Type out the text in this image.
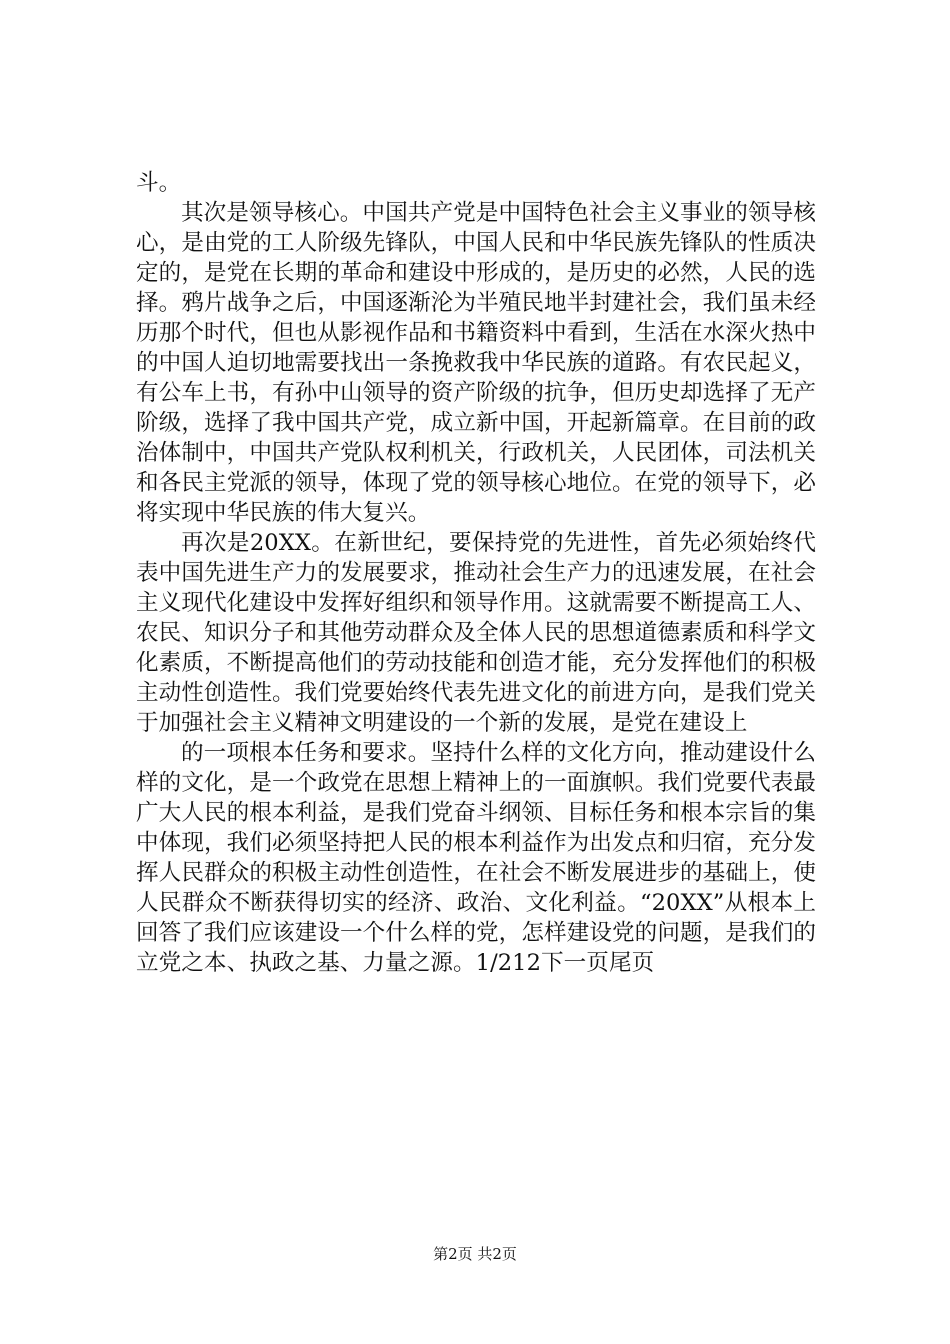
斗。

其次是领导核心。中国共产党是中国特色社会主义事业的领导核心，是由党的工人阶级先锋队，中国人民和中华民族先锋队的性质决定的，是党在长期的革命和建设中形成的，是历史的必然，人民的选择。鸦片战争之后，中国逐渐沦为半殖民地半封建社会，我们虽未经历那个时代，但也从影视作品和书籍资料中看到，生活在水深火热中的中国人迫切地需要找出一条挽救我中华民族的道路。有农民起义，有公车上书，有孙中山领导的资产阶级的抗争，但历史却选择了无产阶级，选择了我中国共产党，成立新中国，开起新篇章。在目前的政治体制中，中国共产党队权利机关，行政机关，人民团体，司法机关和各民主党派的领导，体现了党的领导核心地位。在党的领导下，必将实现中华民族的伟大复兴。

再次是20XX。在新世纪，要保持党的先进性，首先必须始终代表中国先进生产力的发展要求，推动社会生产力的迅速发展，在社会主义现代化建设中发挥好组织和领导作用。这就需要不断提高工人、农民、知识分子和其他劳动群众及全体人民的思想道德素质和科学文化素质，不断提高他们的劳动技能和创造才能，充分发挥他们的积极主动性创造性。我们党要始终代表先进文化的前进方向，是我们党关于加强社会主义精神文明建设的一个新的发展，是党在建设上

的一项根本任务和要求。坚持什么样的文化方向，推动建设什么样的文化，是一个政党在思想上精神上的一面旗帜。我们党要代表最广大人民的根本利益，是我们党奋斗纲领、目标任务和根本宗旨的集中体现，我们必须坚持把人民的根本利益作为出发点和归宿，充分发挥人民群众的积极主动性创造性，在社会不断发展进步的基础上，使人民群众不断获得切实的经济、政治、文化利益。“20XX”从根本上回答了我们应该建设一个什么样的党，怎样建设党的问题，是我们的立党之本、执政之基、力量之源。1/212下一页尾页

第2页 共2页
